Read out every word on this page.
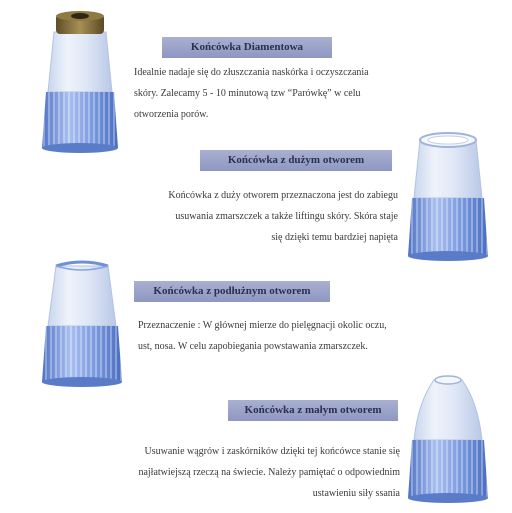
Końcówka Diamentowa
Idealnie nadaje się do złuszczania naskórka i oczyszczania
skóry. Zalecamy 5 - 10 minutową tzw “Parówkę” w celu
otworzenia porów.
Końcówka z dużym otworem
Końcówka z duży otworem przeznaczona jest do zabiegu
usuwania zmarszczek a także liftingu skóry. Skóra staje
się dzięki temu bardziej napięta
Końcówka z podłużnym otworem
Przeznaczenie : W głównej mierze do pielęgnacji okolic oczu,
ust, nosa. W celu zapobiegania powstawania zmarszczek.
Końcówka z małym otworem
Usuwanie wągrów i zaskórników dzięki tej końcówce stanie się
najłatwiejszą rzeczą na świecie. Należy pamiętać o odpowiednim
ustawieniu siły ssania
